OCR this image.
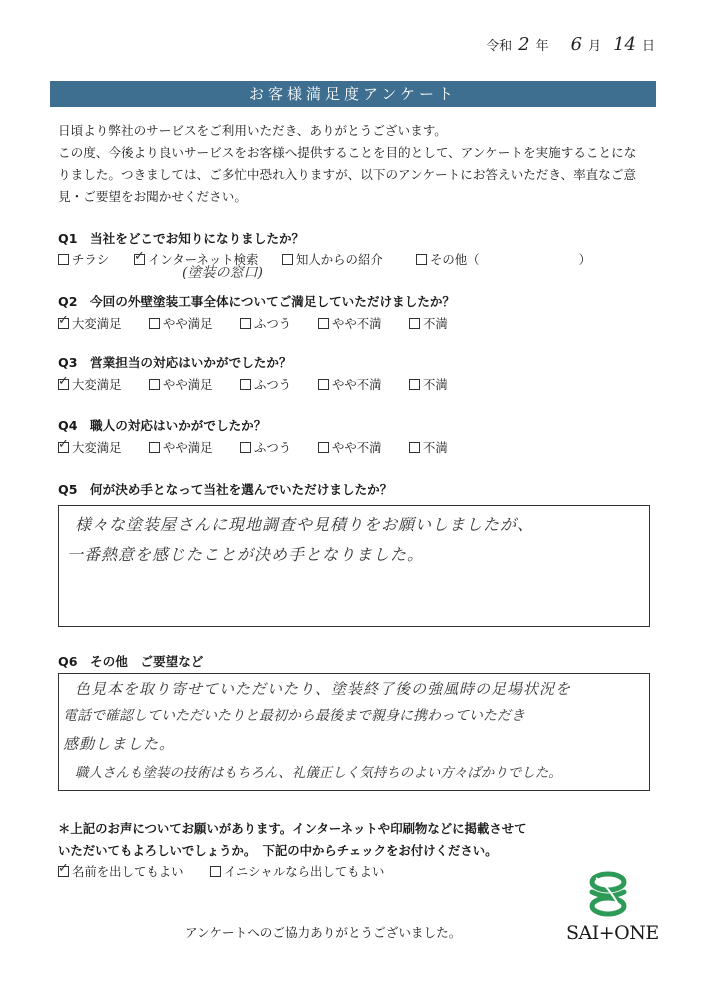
令和 2 年 6 月 14 日
お客様満足度アンケート
日頃より弊社のサービスをご利用いただき、ありがとうございます。
この度、今後より良いサービスをお客様へ提供することを目的として、アンケートを実施することにな
りました。つきましては、ご多忙中恐れ入りますが、以下のアンケートにお答えいただき、率直なご意
見・ご要望をお聞かせください。
Q1　当社をどこでお知りになりましたか？
チラシ
✓	インターネット検索	知人からの紹介	その他（　　　　　　　　）
(塗装の窓口)
Q2　今回の外壁塗装工事全体についてご満足していただけましたか？
✓
大変満足	やや満足	ふつう	やや不満	不満
Q3　営業担当の対応はいかがでしたか？
✓
大変満足	やや満足	ふつう	やや不満	不満
Q4　職人の対応はいかがでしたか？
✓
大変満足	やや満足	ふつう	やや不満	不満
Q5　何が決め手となって当社を選んでいただけましたか？
様々な塗装屋さんに現地調査や見積りをお願いしましたが、
一番熱意を感じたことが決め手となりました。
Q6　その他　ご要望など
色見本を取り寄せていただいたり、塗装終了後の強風時の足場状況を
電話で確認していただいたりと最初から最後まで親身に携わっていただき
感動しました。
職人さんも塗装の技術はもちろん、礼儀正しく気持ちのよい方々ばかりでした。
＊上記のお声についてお願いがあります。インターネットや印刷物などに掲載させて
いただいてもよろしいでしょうか。　下記の中からチェックをお付けください。
✓
名前を出してもよい	イニシャルなら出してもよい
アンケートへのご協力ありがとうございました。	SAI+ONE
